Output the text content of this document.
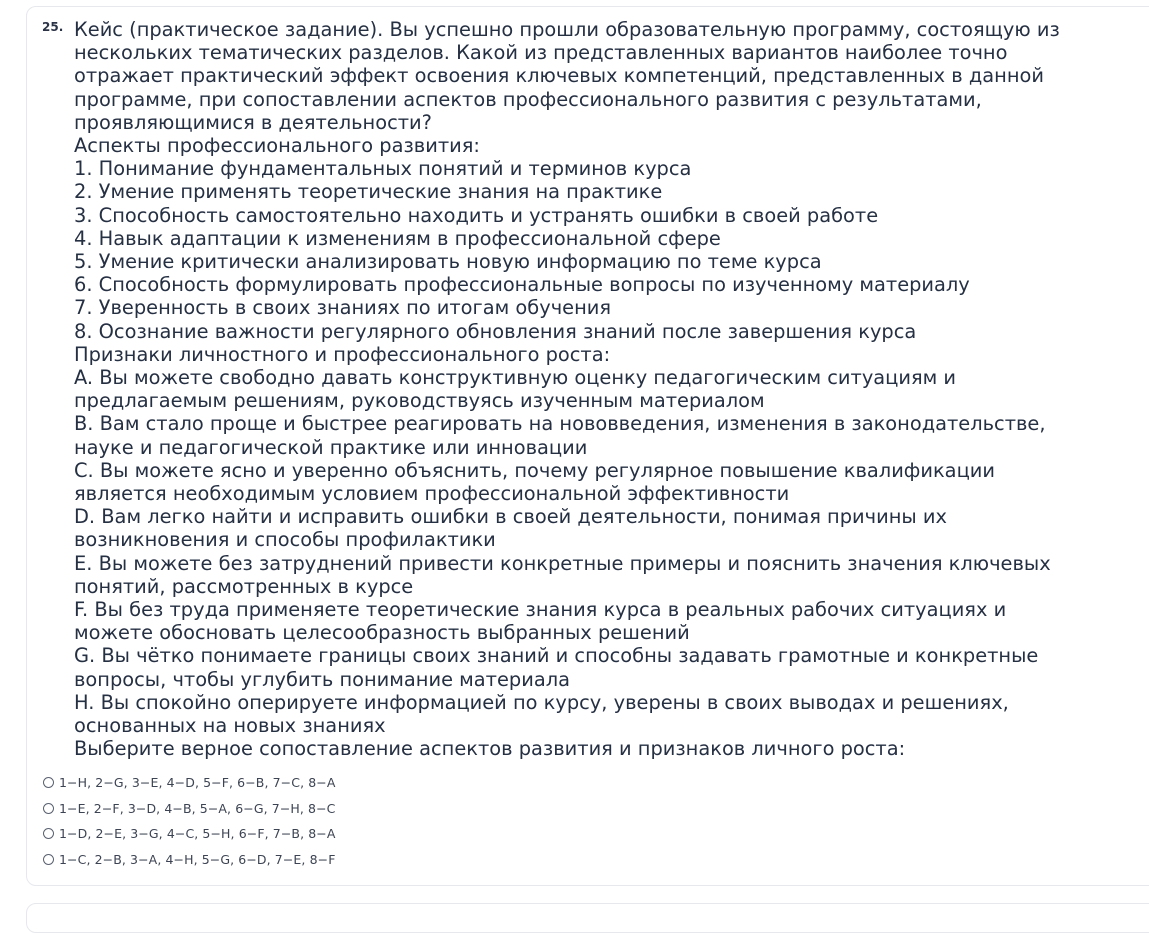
25. Кейс (практическое задание). Вы успешно прошли образовательную программу, состоящую из
нескольких тематических разделов. Какой из представленных вариантов наиболее точно
отражает практический эффект освоения ключевых компетенций, представленных в данной
программе, при сопоставлении аспектов профессионального развития с результатами,
проявляющимися в деятельности?
Аспекты профессионального развития:
1. Понимание фундаментальных понятий и терминов курса
2. Умение применять теоретические знания на практике
3. Способность самостоятельно находить и устранять ошибки в своей работе
4. Навык адаптации к изменениям в профессиональной сфере
5. Умение критически анализировать новую информацию по теме курса
6. Способность формулировать профессиональные вопросы по изученному материалу
7. Уверенность в своих знаниях по итогам обучения
8. Осознание важности регулярного обновления знаний после завершения курса
Признаки личностного и профессионального роста:
A. Вы можете свободно давать конструктивную оценку педагогическим ситуациям и
предлагаемым решениям, руководствуясь изученным материалом
B. Вам стало проще и быстрее реагировать на нововведения, изменения в законодательстве,
науке и педагогической практике или инновации
C. Вы можете ясно и уверенно объяснить, почему регулярное повышение квалификации
является необходимым условием профессиональной эффективности
D. Вам легко найти и исправить ошибки в своей деятельности, понимая причины их
возникновения и способы профилактики
E. Вы можете без затруднений привести конкретные примеры и пояснить значения ключевых
понятий, рассмотренных в курсе
F. Вы без труда применяете теоретические знания курса в реальных рабочих ситуациях и
можете обосновать целесообразность выбранных решений
G. Вы чётко понимаете границы своих знаний и способны задавать грамотные и конкретные
вопросы, чтобы углубить понимание материала
H. Вы спокойно оперируете информацией по курсу, уверены в своих выводах и решениях,
основанных на новых знаниях
Выберите верное сопоставление аспектов развития и признаков личного роста:
1−H, 2−G, 3−E, 4−D, 5−F, 6−B, 7−C, 8−A
1−E, 2−F, 3−D, 4−B, 5−A, 6−G, 7−H, 8−C
1−D, 2−E, 3−G, 4−C, 5−H, 6−F, 7−B, 8−A
1−C, 2−B, 3−A, 4−H, 5−G, 6−D, 7−E, 8−F
